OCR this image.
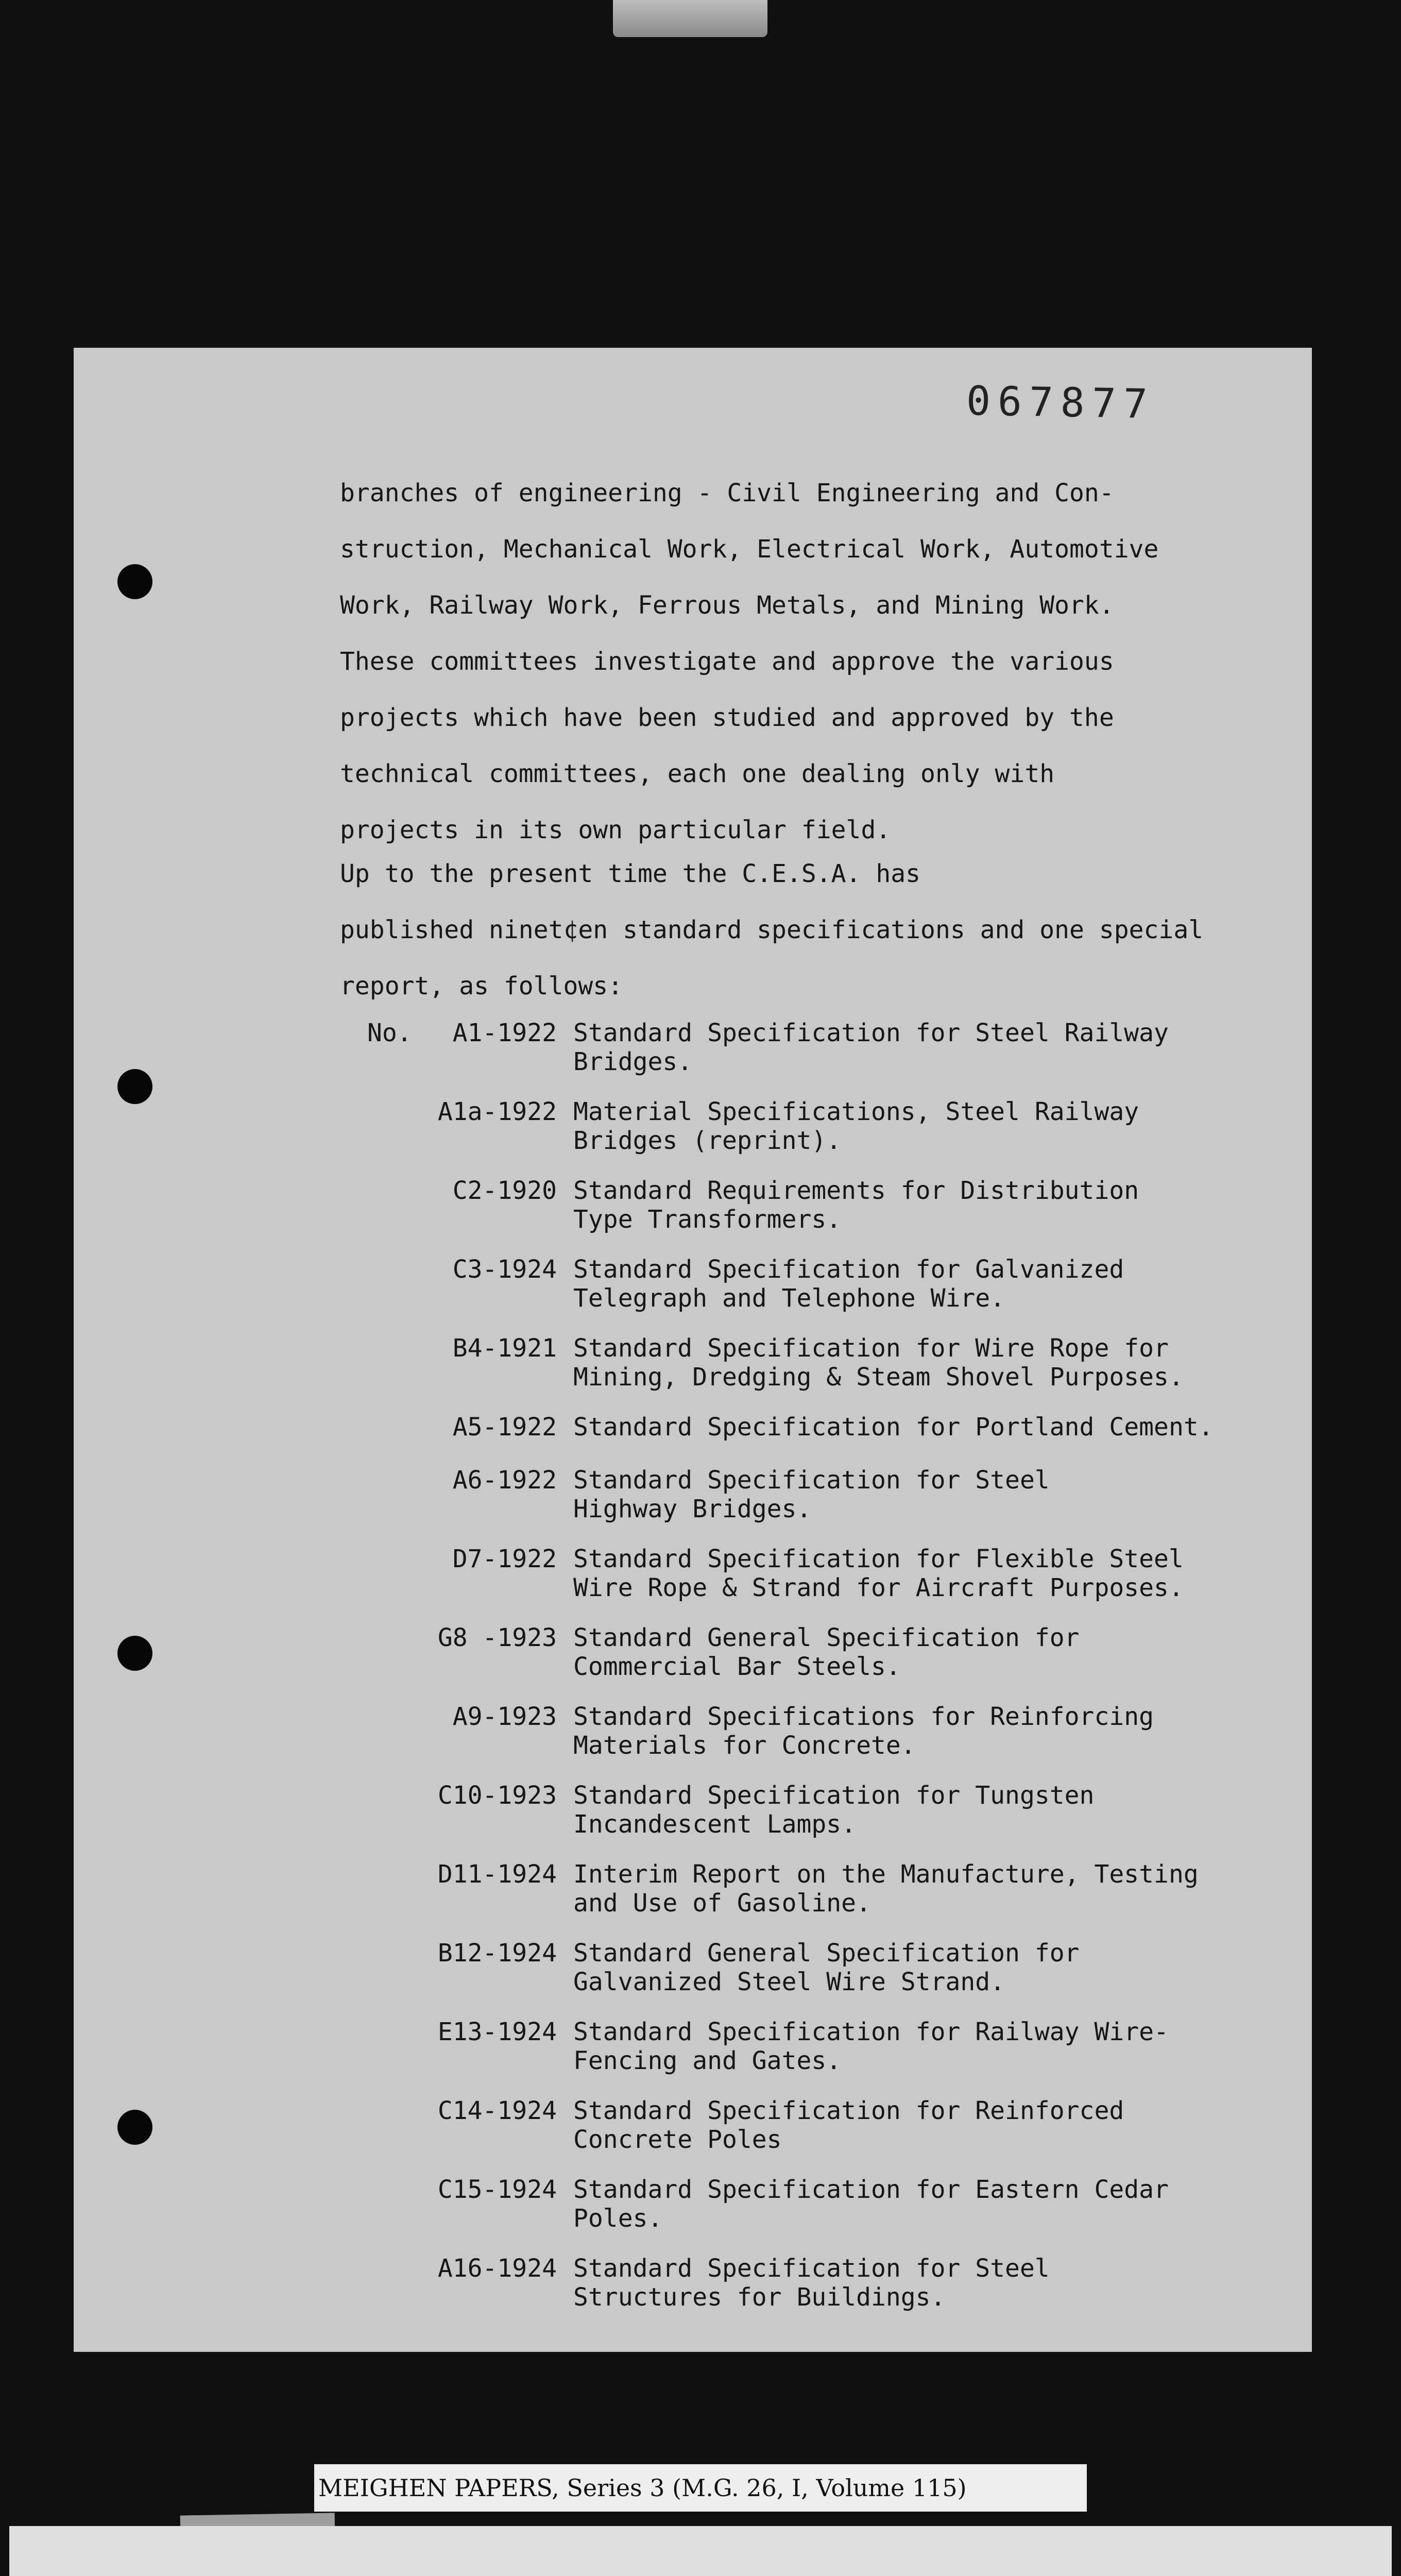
067877

branches of engineering - Civil Engineering and Con-
struction, Mechanical Work, Electrical Work, Automotive
Work, Railway Work, Ferrous Metals, and Mining Work.
These committees investigate and approve the various
projects which have been studied and approved by the
technical committees, each one dealing only with
projects in its own particular field.

Up to the present time the C.E.S.A. has
published ninet¢en standard specifications and one special
report, as follows:

No. A1-1922 Standard Specification for Steel Railway
Bridges.
A1a-1922 Material Specifications, Steel Railway
Bridges (reprint).
C2-1920 Standard Requirements for Distribution
Type Transformers.
C3-1924 Standard Specification for Galvanized
Telegraph and Telephone Wire.
B4-1921 Standard Specification for Wire Rope for
Mining, Dredging & Steam Shovel Purposes.
A5-1922 Standard Specification for Portland Cement.
A6-1922 Standard Specification for Steel
Highway Bridges.
D7-1922 Standard Specification for Flexible Steel
Wire Rope & Strand for Aircraft Purposes.
G8 -1923 Standard General Specification for
Commercial Bar Steels.
A9-1923 Standard Specifications for Reinforcing
Materials for Concrete.
C10-1923 Standard Specification for Tungsten
Incandescent Lamps.
D11-1924 Interim Report on the Manufacture, Testing
and Use of Gasoline.
B12-1924 Standard General Specification for
Galvanized Steel Wire Strand.
E13-1924 Standard Specification for Railway Wire-
Fencing and Gates.
C14-1924 Standard Specification for Reinforced
Concrete Poles
C15-1924 Standard Specification for Eastern Cedar
Poles.
A16-1924 Standard Specification for Steel
Structures for Buildings.
MEIGHEN PAPERS, Series 3 (M.G. 26, I, Volume 115)
